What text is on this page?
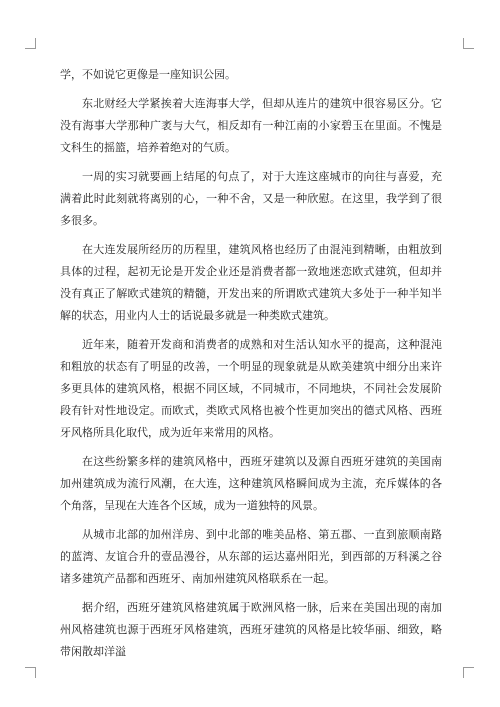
学，不如说它更像是一座知识公园。

东北财经大学紧挨着大连海事大学，但却从连片的建筑中很容易区分。它没有海事大学那种广袤与大气，相反却有一种江南的小家碧玉在里面。不愧是文科生的摇篮，培养着绝对的气质。

一周的实习就要画上结尾的句点了，对于大连这座城市的向往与喜爱，充满着此时此刻就将离别的心，一种不舍，又是一种欣慰。在这里，我学到了很多很多。

在大连发展所经历的历程里，建筑风格也经历了由混沌到精晰，由粗放到具体的过程，起初无论是开发企业还是消费者都一致地迷恋欧式建筑，但却并没有真正了解欧式建筑的精髓，开发出来的所谓欧式建筑大多处于一种半知半解的状态，用业内人士的话说最多就是一种类欧式建筑。

近年来，随着开发商和消费者的成熟和对生活认知水平的提高，这种混沌和粗放的状态有了明显的改善，一个明显的现象就是从欧美建筑中细分出来许多更具体的建筑风格，根据不同区域，不同城市，不同地块，不同社会发展阶段有针对性地设定。而欧式，类欧式风格也被个性更加突出的德式风格、西班牙风格所具化取代，成为近年来常用的风格。

在这些纷繁多样的建筑风格中，西班牙建筑以及源自西班牙建筑的美国南加州建筑成为流行风潮，在大连，这种建筑风格瞬间成为主流，充斥媒体的各个角落，呈现在大连各个区域，成为一道独特的风景。

从城市北部的加州洋房、到中北部的唯美品格、第五郡、一直到旅顺南路的蓝湾、友谊合升的壹品漫谷，从东部的运达嘉州阳光，到西部的万科溪之谷诸多建筑产品都和西班牙、南加州建筑风格联系在一起。

据介绍，西班牙建筑风格建筑属于欧洲风格一脉，后来在美国出现的南加州风格建筑也源于西班牙风格建筑，西班牙建筑的风格是比较华丽、细致，略带闲散却洋溢
